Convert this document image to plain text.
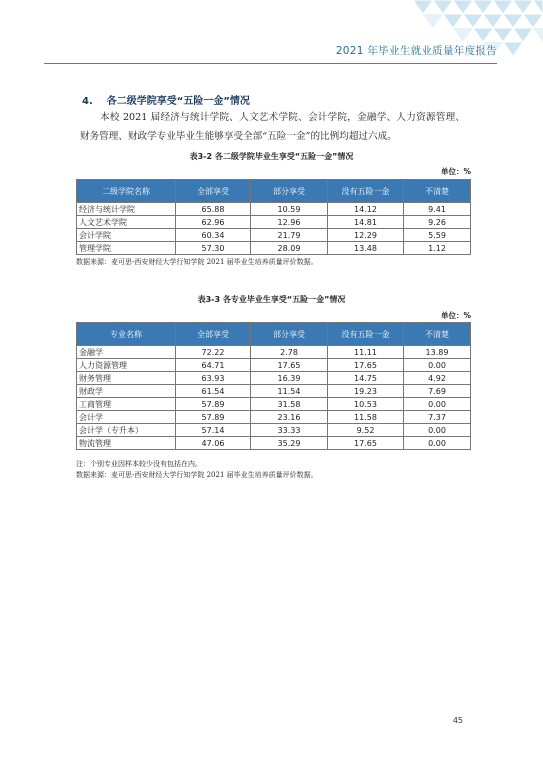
2021 年毕业生就业质量年度报告
4. 各二级学院享受“五险一金”情况
本校 2021 届经济与统计学院、人文艺术学院、会计学院，金融学、人力资源管理、财务管理、财政学专业毕业生能够享受全部“五险一金”的比例均超过六成。
表3-2 各二级学院毕业生享受“五险一金”情况
单位：%
二级学院名称	全部享受	部分享受	没有五险一金	不清楚
经济与统计学院	65.88	10.59	14.12	9.41
人文艺术学院	62.96	12.96	14.81	9.26
会计学院	60.34	21.79	12.29	5.59
管理学院	57.30	28.09	13.48	1.12
数据来源：麦可思-西安财经大学行知学院 2021 届毕业生培养质量评价数据。
表3-3 各专业毕业生享受“五险一金”情况
单位：%
专业名称	全部享受	部分享受	没有五险一金	不清楚
金融学	72.22	2.78	11.11	13.89
人力资源管理	64.71	17.65	17.65	0.00
财务管理	63.93	16.39	14.75	4.92
财政学	61.54	11.54	19.23	7.69
工商管理	57.89	31.58	10.53	0.00
会计学	57.89	23.16	11.58	7.37
会计学（专升本）	57.14	33.33	9.52	0.00
物流管理	47.06	35.29	17.65	0.00
注：个别专业因样本较少没有包括在内。
数据来源：麦可思-西安财经大学行知学院 2021 届毕业生培养质量评价数据。
45
